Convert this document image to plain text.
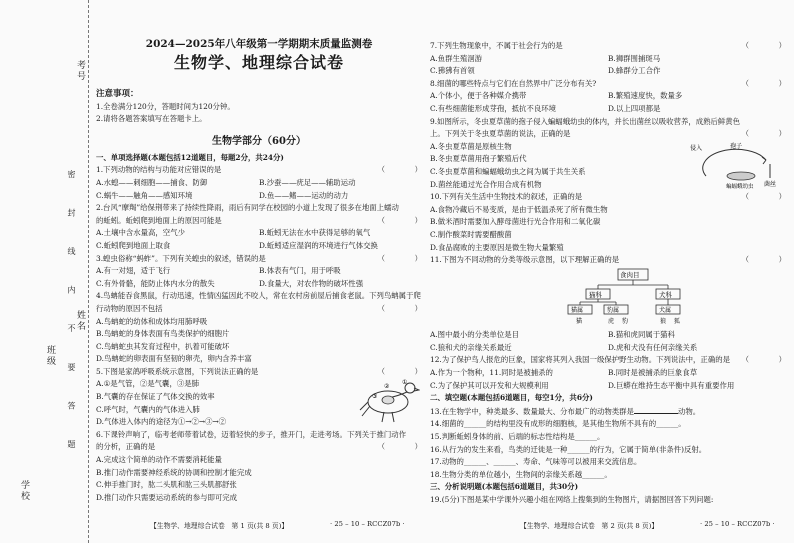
考号
姓名
班级
学校
密 封 线 内 不 要 答 题
2024—2025年八年级第一学期期末质量监测卷
生物学、地理综合试卷
注意事项：
1.全卷满分120分，答题时间为120分钟。
2.请将各题答案填写在答题卡上。
生物学部分（60分）
一、单项选择题(本题包括12道题目，每题2分，共24分)
1.下列动物的结构与功能对应错误的是	（　　　　）
A.水螅——刺细胞——捕食、防御	B.沙蚕——疣足——辅助运动
C.蜗牛——触角——感知环境	D.鱼——鳍——运动的动力
2.台风“摩羯”给保荆带来了持续性降雨，雨后有同学在校园的小道上发现了很多在地面上蠕动
的蚯蚓。蚯蚓爬到地面上的原因可能是	（　　　　）
A.土壤中含水量高，空气少	B.蚯蚓无法在水中获得足够的氧气
C.蚯蚓爬到地面上取食	D.蚯蚓适应湿润的环境进行气体交换
3.蝗虫俗称“蚂蚱”。下列有关蝗虫的叙述，错误的是	（　　　　）
A.有一对翅，适于飞行	B.体表有气门，用于呼吸
C.有外骨骼，能防止体内水分的散失	D.食量大，对农作物的破坏性强
4.鸟蚺能吞食黑鼠，行动迅速，性情凶猛因此不咬人，常在农村房前屋后捕食老鼠。下列鸟蚺属于爬
行动物的原因不包括	（　　　　）
A.鸟蚺蛇的幼体和成体均用肺呼吸
B.鸟蚺蛇的身体表面有鸟类保护的细胞片
C.鸟蚺蛇虫其发育过程中，扒着可能破坏
D.鸟蚺蛇的卵表面有坚韧的卵壳，卵内含养丰富
5.下图是家鸽呼吸系统示意图，下列说法正确的是	（　　　　）
A.①是气管，②是气囊，③是肺
B.气囊的存在保证了气体交换的效率
C.呼气时，气囊内的气体进入肺
D.气体进入体内的途径为①→②→③→②
①
②
③
6.下课铃声响了，临考老师带着试卷，迈着轻快的步子，推开门，走进考场。下列关于推门动作
的分析，正确的是	（　　　　）
A.完成这个简单的动作不需要消耗能量
B.推门动作需要神经系统的协调和控制才能完成
C.伸手推门时，肱二头肌和肱三头肌都舒张
D.推门动作只需要运动系统的参与即可完成
【生物学、地理综合试卷　第 1 页(共 8 页)】	· 25 – 10 – RCCZ07b ·
7.下列生物现象中，不属于社会行为的是	（　　　　）
A.鱼群生殖洄游	B.狮群围捕斑马
C.狒狒有首领	D.蜂群分工合作
8.细菌的哪些特点与它们在自然界中广泛分布有关?	（　　　　）
A.个体小，便于各种媒介携带	B.繁殖速度快，数量多
C.有些细菌能形成芽孢，抵抗不良环境	D.以上四项都是
9.如图所示，冬虫夏草菌的孢子侵入蝙蝠蛾幼虫的体内，并长出菌丝以吸收营养，成熟后鲜黄色
上。下列关于冬虫夏草菌的说法，正确的是	（　　　　）
A.冬虫夏草菌是原核生物
B.冬虫夏草菌用孢子繁殖后代
C.冬虫夏草菌和蝙蝠蛾幼虫之间为属于共生关系
D.菌丝能通过光合作用合成有机物
侵入	孢子
菌丝
蝙蝠蛾幼虫
10.下列有关生活中生物技术的叙述，正确的是	（　　　　）
A.食物冷藏后不易变质，是由于低温杀死了所有微生物
B.做米酒时需要加入酵母菌进行光合作用和二氧化碳
C.制作酸菜时需要醋酸菌
D.食品腐败的主要原因是微生物大量繁殖
11.下图为不同动物的分类等级示意图，以下理解正确的是	（　　　　）
食肉目
猫科	犬科
猫属	豹属	犬属
猫	虎 豹	狼 狐
A.图中最小的分类单位是目	B.猫和虎同属于猫科
C.狼和犬的亲缘关系最近	D.虎和犬没有任何亲缘关系
12.为了保护鸟人报危的巨象，国家将其列入我国一级保护野生动物。下列说法中，正确的是 （　　　　）
A.作为一个物种，11.同时是被捕杀的	B.同时是被捕杀的巨象食草
C.为了保护其可以开发和大规模利用	D.巨蟒在维持生态平衡中具有重要作用
二、填空题(本题包括6道题目，每空1分，共6分)
13.在生物学中，种类最多、数量最大、分布最广的动物类群是	动物。
14.细菌的______的结构里没有成形的细胞核，是其他生物所不具有的______。
15.判断蚯蚓身体的前、后端的标志性结构是______。
16.从行为的发生来看，鸟类的迁徙是一种______的行为，它属于简单(非条件)反射。
17.动物的______、______、寿命、气味等可以被用来交流信息。
18.生物分类的单位越小，生物间的亲缘关系越______。
三、分析说明题(本题包括6道题目，共30分)
19.(5分)下图是某中学课外兴趣小组在网络上搜集到的生物图片，请据图回答下列问题:
【生物学、地理综合试卷　第 2 页(共 8 页)】	· 25 – 10 – RCCZ07b ·
